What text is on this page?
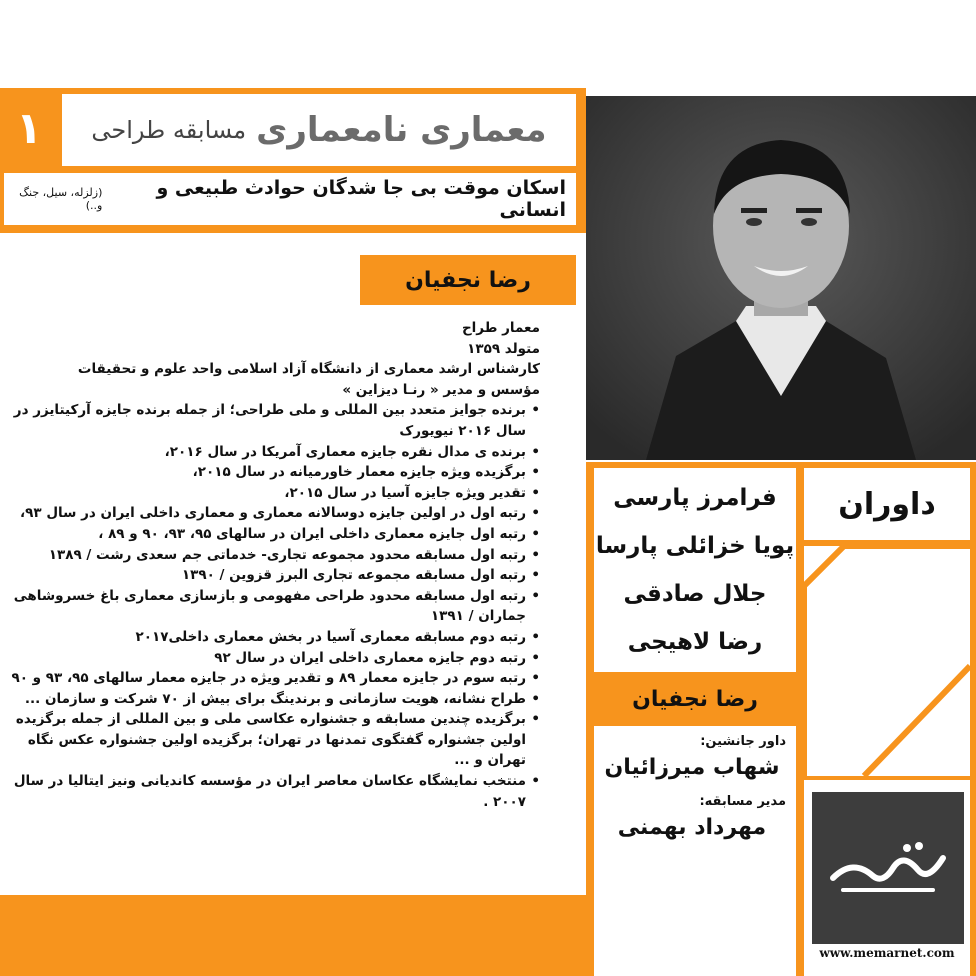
۱	معماری نامعماری
مسابقه طراحی
اسکان موقت بی جا شدگان حوادث طبیعی و انسانی
(زلزله، سیل، جنگ و..)
رضا نجفیان
معمار طراح
متولد ۱۳۵۹
کارشناس ارشد معماری از دانشگاه آزاد اسلامی واحد علوم و تحقیقات
مؤسس و مدیر « رنـا دیزاین »
• برنده جوایز متعدد بین المللی و ملی طراحی؛ از جمله برنده جایزه آرکیتایزر در سال ۲۰۱۶ نیویورک
• برنده ی مدال نقره جایزه معماری آمریکا در سال ۲۰۱۶،
• برگزیده ویژه جایزه معمار خاورمیانه در سال ۲۰۱۵،
• تقدیر ویژه جایزه آسیا در سال ۲۰۱۵،
• رتبه اول در اولین جایزه دوسالانه معماری و معماری داخلی ایران در سال ۹۳،
• رتبه اول جایزه معماری داخلی ایران در سالهای ۹۵، ۹۳، ۹۰ و ۸۹ ،
• رتبه اول مسابقه محدود مجموعه تجاری- خدماتی جم سعدی رشت / ۱۳۸۹
• رتبه اول مسابقه مجموعه تجاری البرز قزوین / ۱۳۹۰
• رتبه اول مسابقه محدود طراحی مفهومی و بازسازی معماری باغ خسروشاهی جماران / ۱۳۹۱
• رتبه دوم مسابقه معماری آسیا در بخش معماری داخلی۲۰۱۷
• رتبه دوم جایزه معماری داخلی ایران در سال ۹۲
• رتبه سوم در جایزه معمار ۸۹ و تقدیر ویژه در جایزه معمار سالهای ۹۵، ۹۳ و ۹۰
• طراح نشانه، هویت سازمانی و برندینگ برای بیش از ۷۰ شرکت و سازمان ...
• برگزیده چندین مسابقه و جشنواره عکاسی ملی و بین المللی از جمله برگزیده اولین جشنواره گفتگوی تمدنها در تهران؛ برگزیده اولین جشنواره عکس نگاه تهران و ...
• منتخب نمایشگاه عکاسان معاصر ایران در مؤسسه کاندیانی ونیز ایتالیا در سال ۲۰۰۷ .
فرامرز پارسی
پویا خزائلی پارسا
جلال صادقی
رضا لاهیجی
داوران
رضا نجفیان
داور جانشین:
شهاب میرزائیان
مدیر مسابقه:
مهرداد بهمنی
www.memarnet.com
